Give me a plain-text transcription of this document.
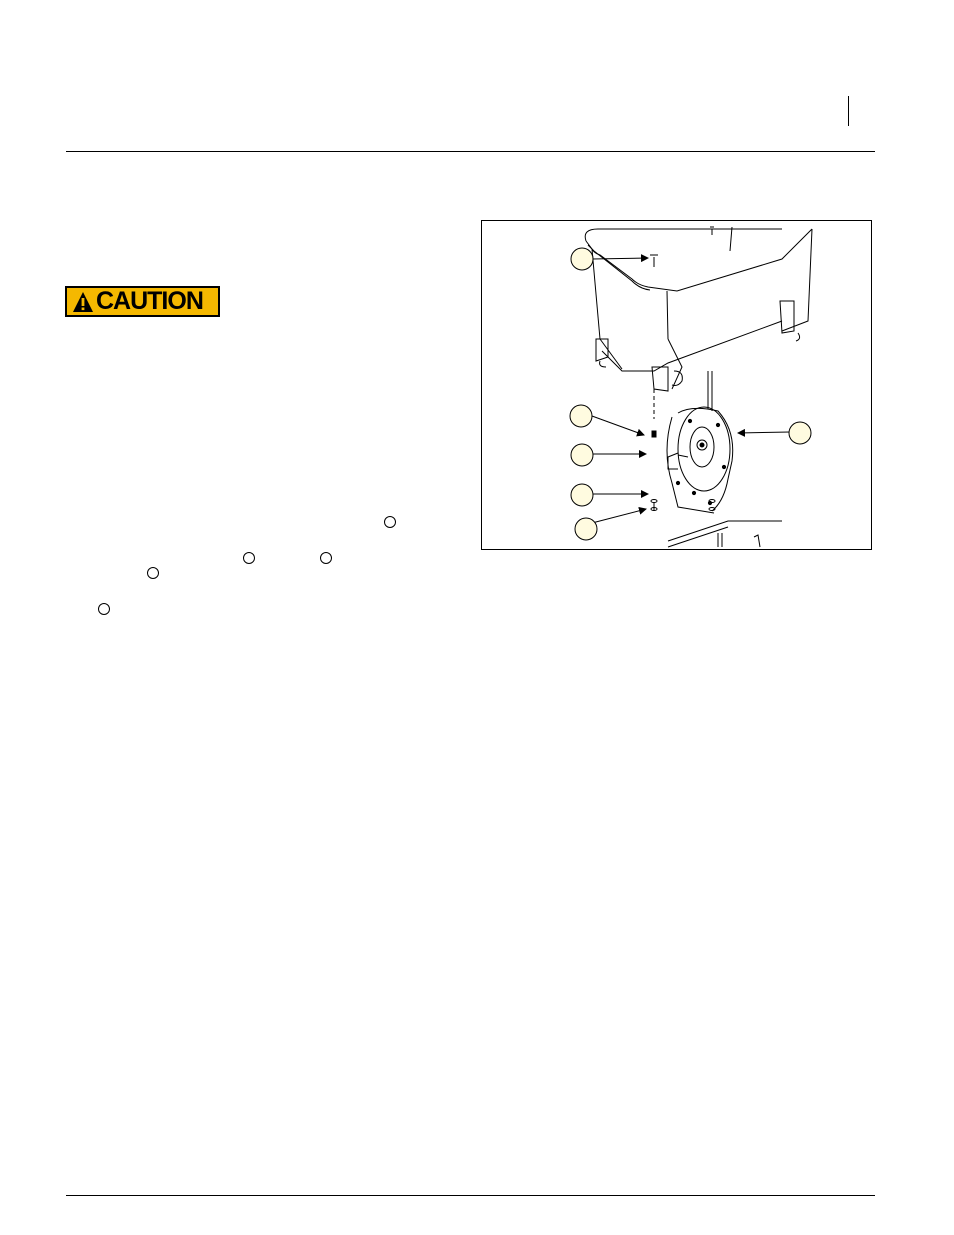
CAUTION
